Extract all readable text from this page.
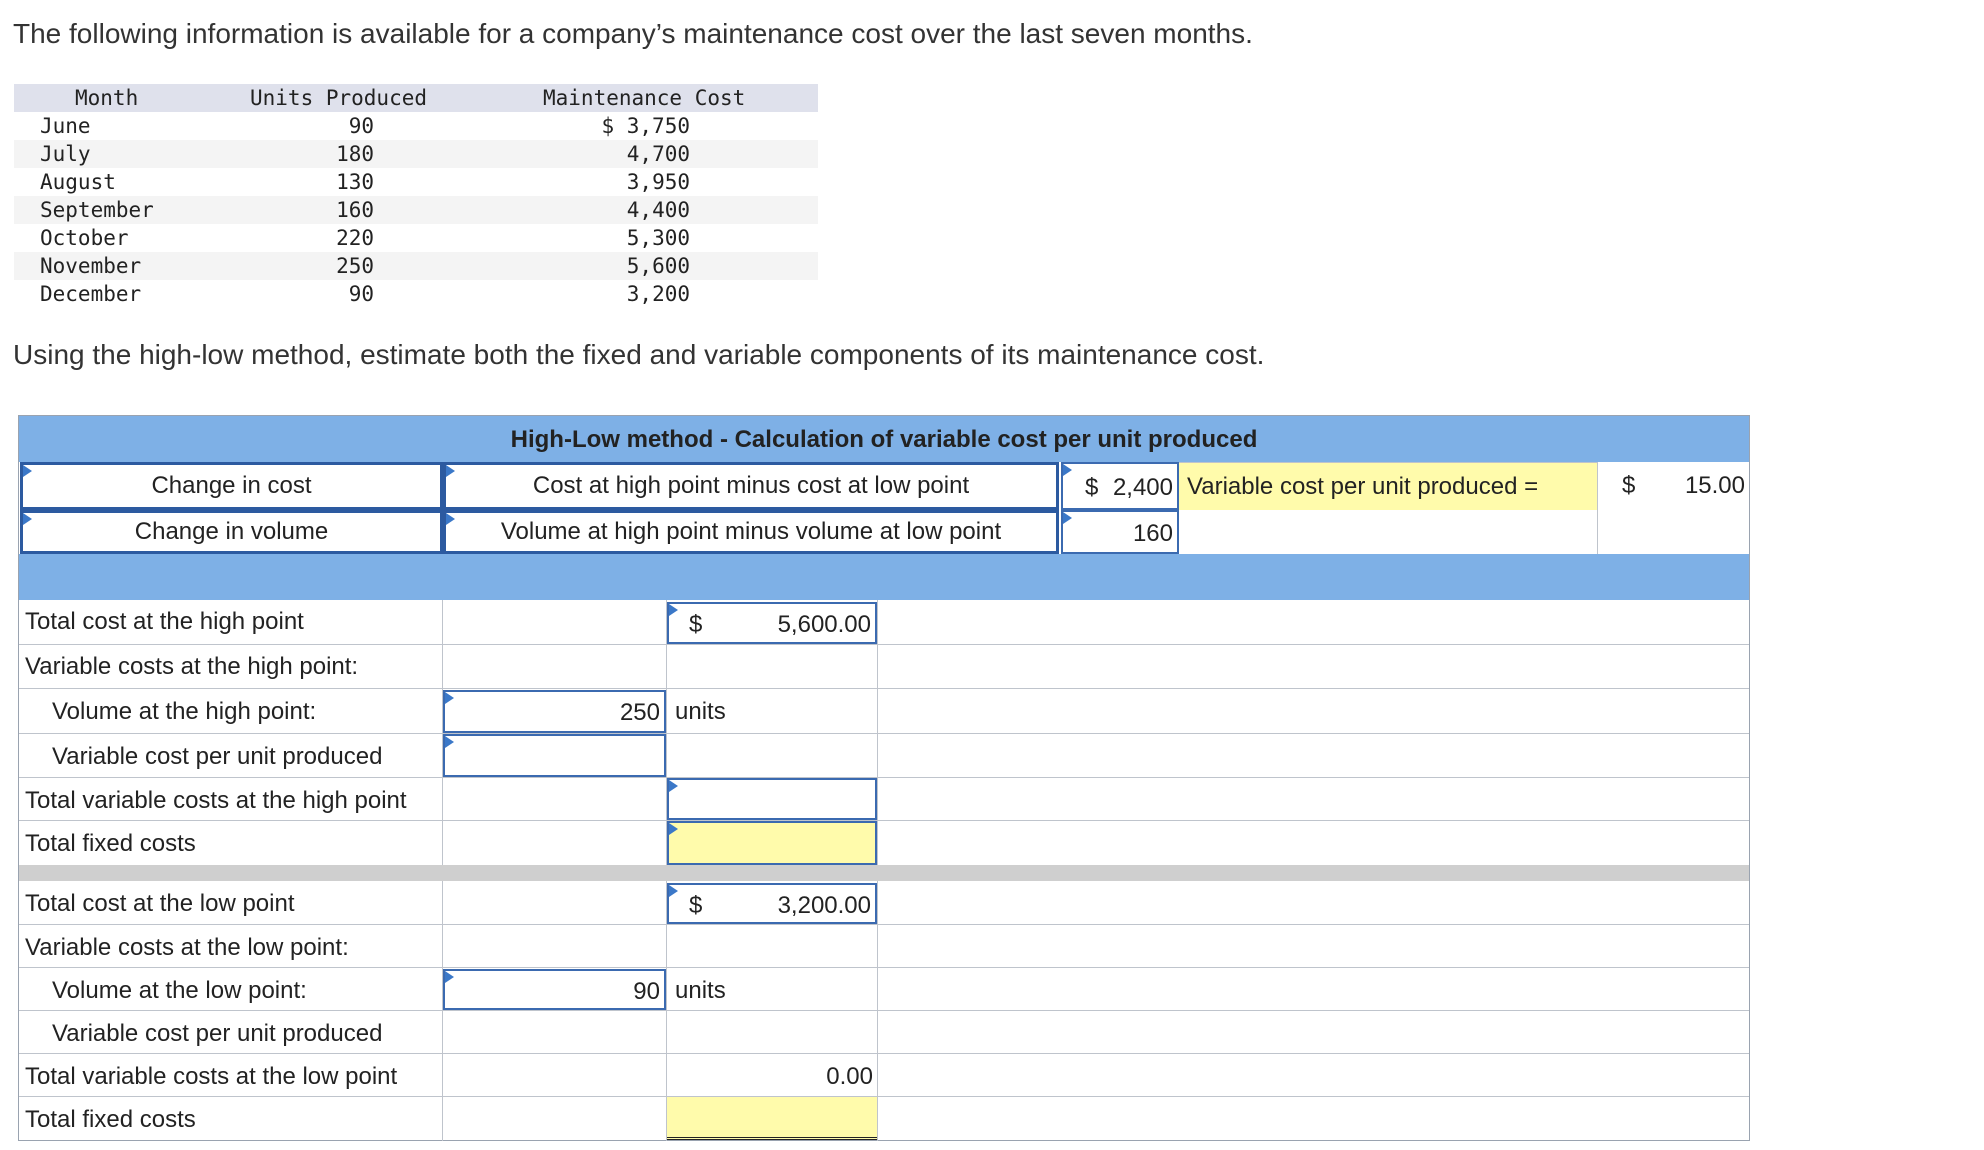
The following information is available for a company’s maintenance cost over the last seven months.
Month	Units Produced	Maintenance Cost
June	90	$ 3,750
July	180	4,700
August	130	3,950
September	160	4,400
October	220	5,300
November	250	5,600
December	90	3,200
Using the high-low method, estimate both the fixed and variable components of its maintenance cost.
High-Low method - Calculation of variable cost per unit produced
Change in cost	Cost at high point minus cost at low point	$ 2,400 Variable cost per unit produced =	$ 15.00
Change in volume	Volume at high point minus volume at low point	160
Total cost at the high point	$	5,600.00
Variable costs at the high point:
Volume at the high point:	250 units
Variable cost per unit produced
Total variable costs at the high point
Total fixed costs
Total cost at the low point	$	3,200.00
Variable costs at the low point:
Volume at the low point:	90 units
Variable cost per unit produced
Total variable costs at the low point	0.00
Total fixed costs
